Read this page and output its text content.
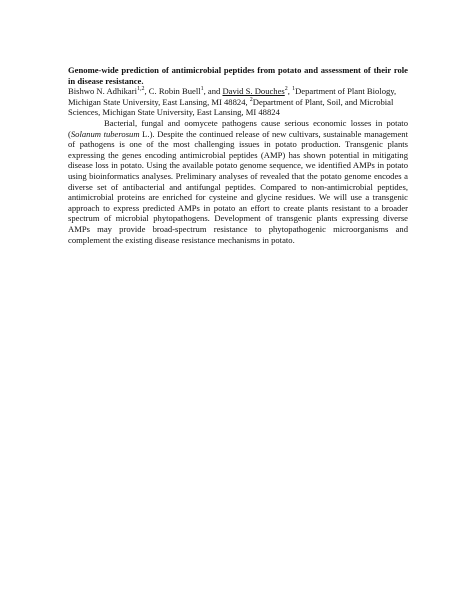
Genome-wide prediction of antimicrobial peptides from potato and assessment of their role in disease resistance.

Bishwo N. Adhikari$^{1,2}$, C. Robin Buell$^1$, and David S. Douches$^2$, $^1$Department of Plant Biology, Michigan State University, East Lansing, MI 48824, $^2$Department of Plant, Soil, and Microbial Sciences, Michigan State University, East Lansing, MI 48824

Bacterial, fungal and oomycete pathogens cause serious economic losses in potato (Solanum tuberosum L.). Despite the continued release of new cultivars, sustainable management of pathogens is one of the most challenging issues in potato production. Transgenic plants expressing the genes encoding antimicrobial peptides (AMP) has shown potential in mitigating disease loss in potato. Using the available potato genome sequence, we identified AMPs in potato using bioinformatics analyses. Preliminary analyses of revealed that the potato genome encodes a diverse set of antibacterial and antifungal peptides. Compared to non-antimicrobial peptides, antimicrobial proteins are enriched for cysteine and glycine residues. We will use a transgenic approach to express predicted AMPs in potato an effort to create plants resistant to a broader spectrum of microbial phytopathogens. Development of transgenic plants expressing diverse AMPs may provide broad-spectrum resistance to phytopathogenic microorganisms and complement the existing disease resistance mechanisms in potato.
